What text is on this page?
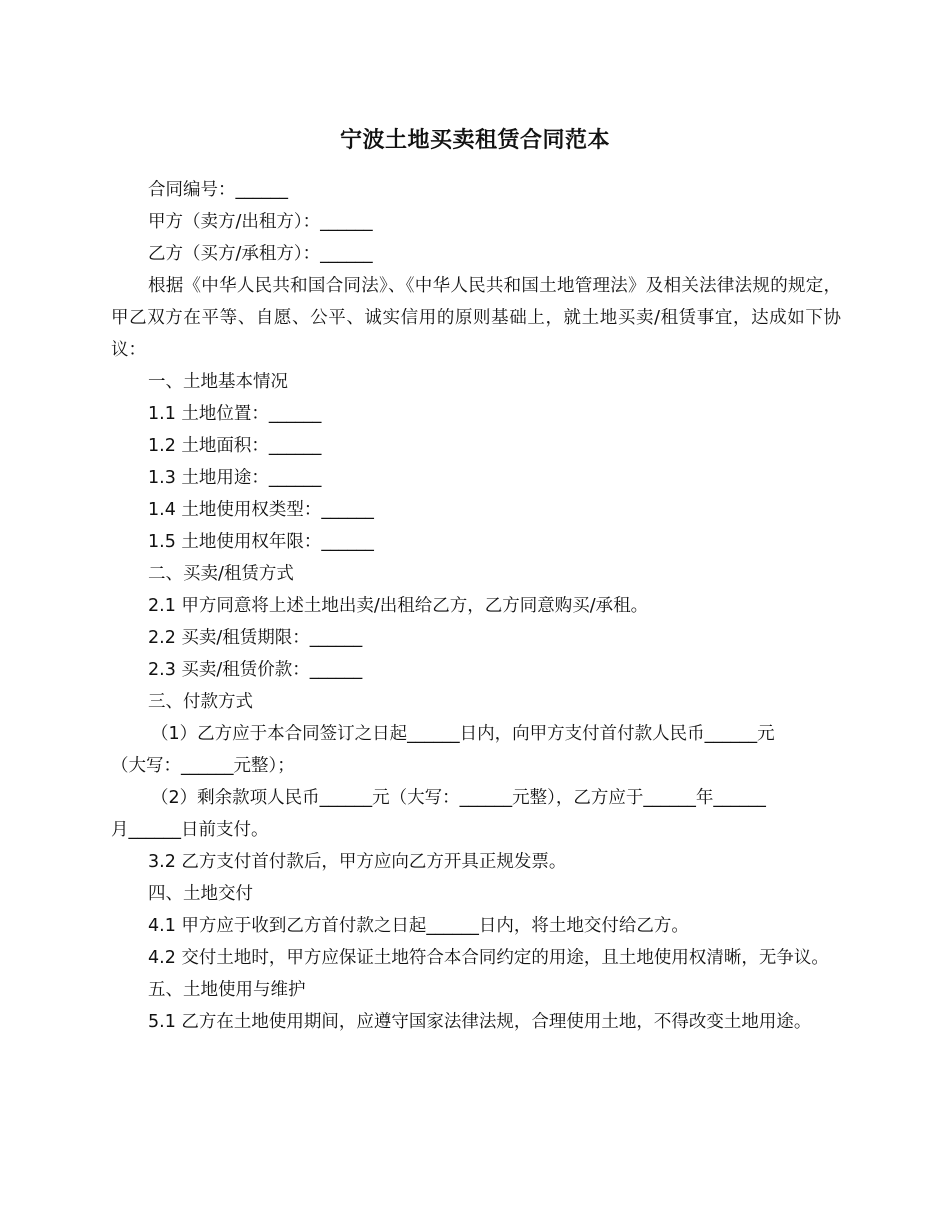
宁波土地买卖租赁合同范本

合同编号：______

甲方（卖方/出租方）：______

乙方（买方/承租方）：______

根据《中华人民共和国合同法》、《中华人民共和国土地管理法》及相关法律法规的规定，甲乙双方在平等、自愿、公平、诚实信用的原则基础上，就土地买卖/租赁事宜，达成如下协议：

一、土地基本情况

1.1 土地位置：______

1.2 土地面积：______

1.3 土地用途：______

1.4 土地使用权类型：______

1.5 土地使用权年限：______

二、买卖/租赁方式

2.1 甲方同意将上述土地出卖/出租给乙方，乙方同意购买/承租。

2.2 买卖/租赁期限：______

2.3 买卖/租赁价款：______

三、付款方式

（1）乙方应于本合同签订之日起______日内，向甲方支付首付款人民币______元

（大写：______元整）；

（2）剩余款项人民币______元（大写：______元整），乙方应于______年______

月______日前支付。

3.2 乙方支付首付款后，甲方应向乙方开具正规发票。

四、土地交付

4.1 甲方应于收到乙方首付款之日起______日内，将土地交付给乙方。

4.2 交付土地时，甲方应保证土地符合本合同约定的用途，且土地使用权清晰，无争议。

五、土地使用与维护

5.1 乙方在土地使用期间，应遵守国家法律法规，合理使用土地，不得改变土地用途。
